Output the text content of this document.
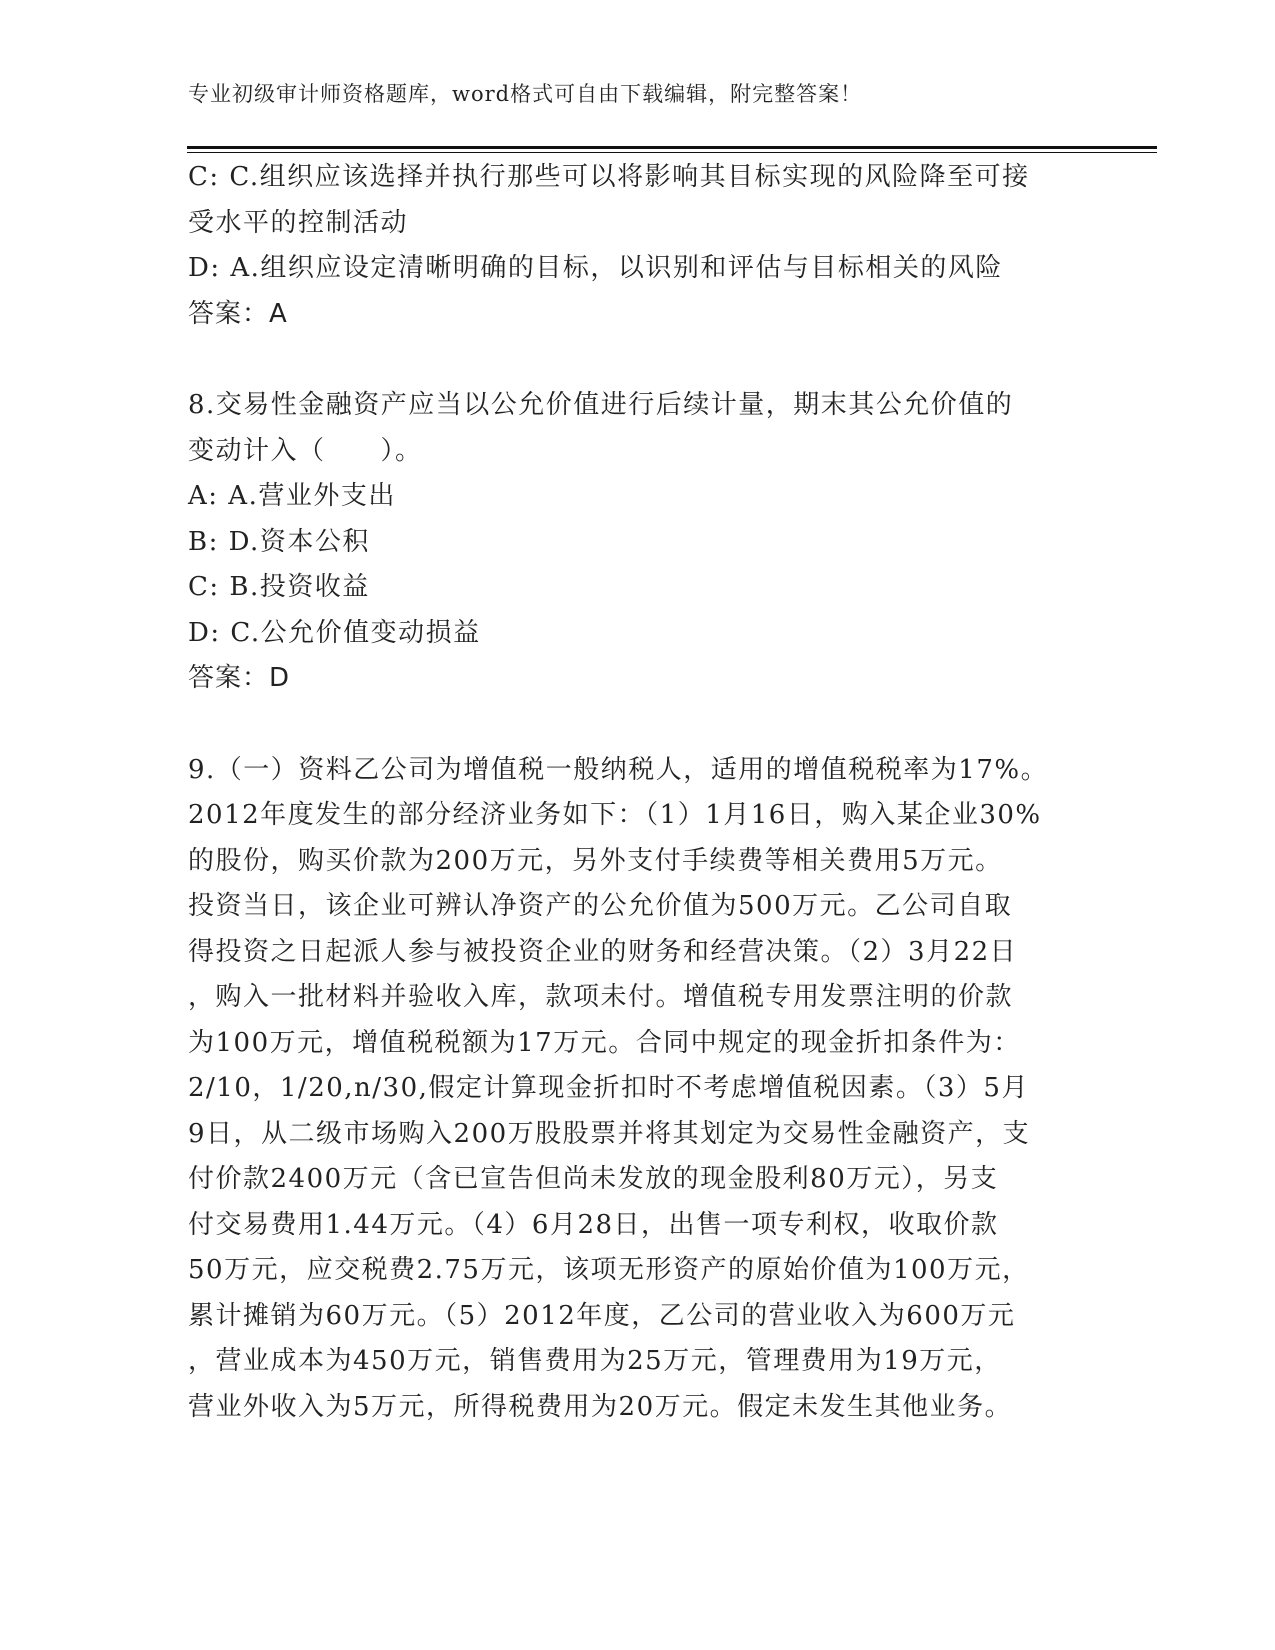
专业初级审计师资格题库，word格式可自由下载编辑，附完整答案！
C: C.组织应该选择并执行那些可以将影响其目标实现的风险降至可接
受水平的控制活动
D: A.组织应设定清晰明确的目标，以识别和评估与目标相关的风险
答案：A
8.交易性金融资产应当以公允价值进行后续计量，期末其公允价值的
变动计入（　　）。
A: A.营业外支出
B: D.资本公积
C: B.投资收益
D: C.公允价值变动损益
答案：D
9.（一）资料乙公司为增值税一般纳税人，适用的增值税税率为17%。
2012年度发生的部分经济业务如下：（1）1月16日，购入某企业30%
的股份，购买价款为200万元，另外支付手续费等相关费用5万元。
投资当日，该企业可辨认净资产的公允价值为500万元。乙公司自取
得投资之日起派人参与被投资企业的财务和经营决策。（2）3月22日
，购入一批材料并验收入库，款项未付。增值税专用发票注明的价款
为100万元，增值税税额为17万元。合同中规定的现金折扣条件为：
2/10，1/20,n/30,假定计算现金折扣时不考虑增值税因素。（3）5月
9日，从二级市场购入200万股股票并将其划定为交易性金融资产，支
付价款2400万元（含已宣告但尚未发放的现金股利80万元），另支
付交易费用1.44万元。（4）6月28日，出售一项专利权，收取价款
50万元，应交税费2.75万元，该项无形资产的原始价值为100万元，
累计摊销为60万元。（5）2012年度，乙公司的营业收入为600万元
，营业成本为450万元，销售费用为25万元，管理费用为19万元，
营业外收入为5万元，所得税费用为20万元。假定未发生其他业务。
